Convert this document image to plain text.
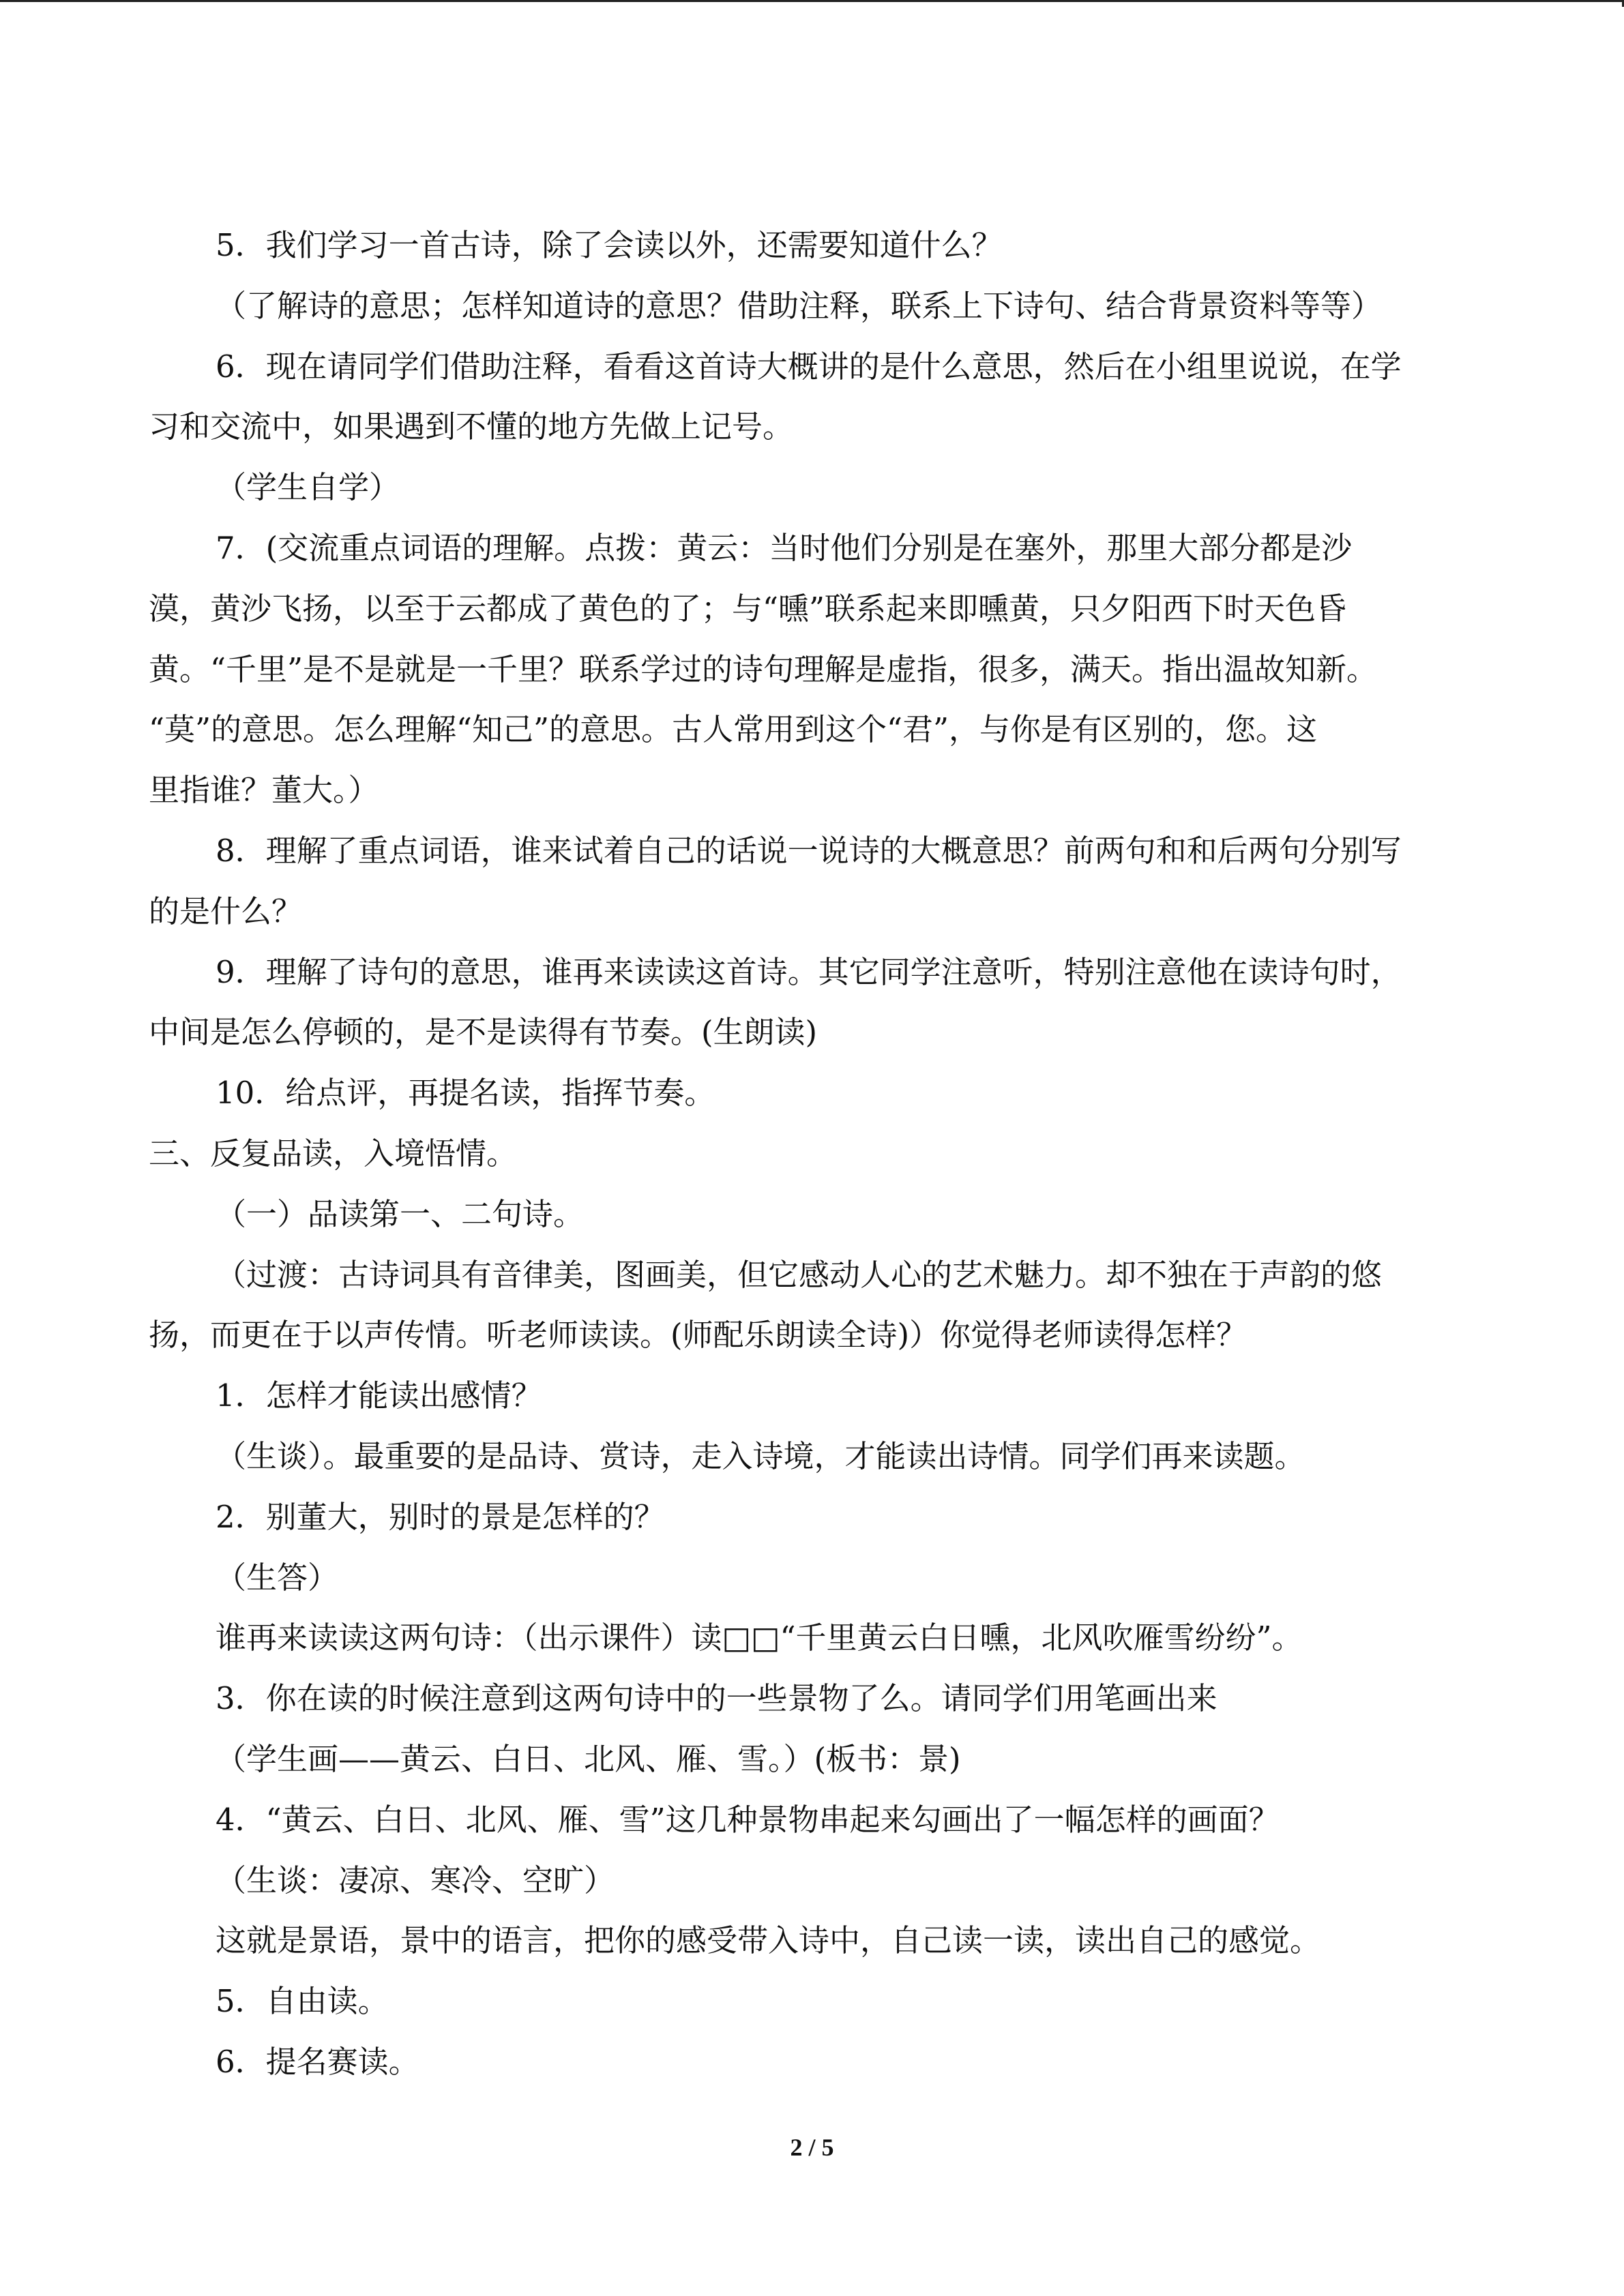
5．我们学习一首古诗，除了会读以外，还需要知道什么？

（了解诗的意思；怎样知道诗的意思？借助注释，联系上下诗句、结合背景资料等等）

6．现在请同学们借助注释，看看这首诗大概讲的是什么意思，然后在小组里说说，在学

习和交流中，如果遇到不懂的地方先做上记号。

（学生自学）

7．(交流重点词语的理解。点拨：黄云：当时他们分别是在塞外，那里大部分都是沙

漠，黄沙飞扬，以至于云都成了黄色的了；与“曛”联系起来即曛黄，只夕阳西下时天色昏

黄。“千里”是不是就是一千里？联系学过的诗句理解是虚指，很多，满天。指出温故知新。

“莫”的意思。怎么理解“知己”的意思。古人常用到这个“君”，与你是有区别的，您。这

里指谁？董大。）

8．理解了重点词语，谁来试着自己的话说一说诗的大概意思？前两句和和后两句分别写

的是什么？

9．理解了诗句的意思，谁再来读读这首诗。其它同学注意听，特别注意他在读诗句时，

中间是怎么停顿的，是不是读得有节奏。(生朗读)

10．给点评，再提名读，指挥节奏。

三、反复品读，入境悟情。

（一）品读第一、二句诗。

（过渡：古诗词具有音律美，图画美，但它感动人心的艺术魅力。却不独在于声韵的悠

扬，而更在于以声传情。听老师读读。(师配乐朗读全诗)）你觉得老师读得怎样？

1．怎样才能读出感情？

（生谈）。最重要的是品诗、赏诗，走入诗境，才能读出诗情。同学们再来读题。

2．别董大，别时的景是怎样的？

（生答）

谁再来读读这两句诗：（出示课件）读□□“千里黄云白日曛，北风吹雁雪纷纷”。

3．你在读的时候注意到这两句诗中的一些景物了么。请同学们用笔画出来

（学生画——黄云、白日、北风、雁、雪。）(板书：景)

4．“黄云、白日、北风、雁、雪”这几种景物串起来勾画出了一幅怎样的画面？

（生谈：凄凉、寒冷、空旷）

这就是景语，景中的语言，把你的感受带入诗中，自己读一读，读出自己的感觉。

5．自由读。

6．提名赛读。

2 / 5
